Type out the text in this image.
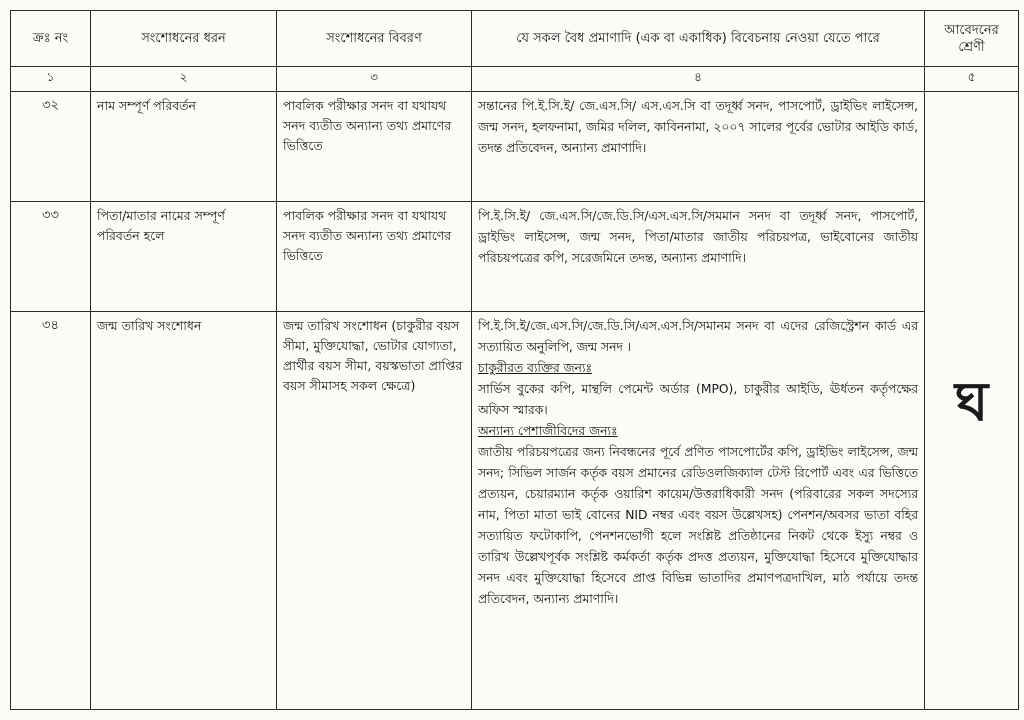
ক্রঃ নং	সংশোধনের ধরন	সংশোধনের বিবরণ	যে সকল বৈধ প্রমাণাদি (এক বা একাধিক) বিবেচনায় নেওয়া যেতে পারে	আবেদনের শ্রেণী
১	২	৩	৪	৫
৩২	নাম সম্পূর্ণ পরিবর্তন	পাবলিক পরীক্ষার সনদ বা যথাযথ সনদ ব্যতীত অন্যান্য তথ্য প্রমাণের ভিত্তিতে	সন্তানের পি.ই.সি.ই/ জে.এস.সি/ এস.এস.সি বা তদূর্ধ্ব সনদ, পাসপোর্ট, ড্রাইভিং লাইসেন্স, জন্ম সনদ, হলফনামা, জমির দলিল, কাবিননামা, ২০০৭ সালের পূর্বের ভোটার আইডি কার্ড, তদন্ত প্রতিবেদন, অন্যান্য প্রমাণাদি।	ঘ
৩৩	পিতা/মাতার নামের সম্পূর্ণ পরিবর্তন হলে	পাবলিক পরীক্ষার সনদ বা যথাযথ সনদ ব্যতীত অন্যান্য তথ্য প্রমাণের ভিত্তিতে	পি.ই.সি.ই/ জে.এস.সি/জে.ডি.সি/এস.এস.সি/সমমান সনদ বা তদূর্ধ্ব সনদ, পাসপোর্ট, ড্রাইভিং লাইসেন্স, জন্ম সনদ, পিতা/মাতার জাতীয় পরিচয়পত্র, ভাইবোনের জাতীয় পরিচয়পত্রের কপি, সরেজমিনে তদন্ত, অন্যান্য প্রমাণাদি।	
৩৪	জন্ম তারিখ সংশোধন	জন্ম তারিখ সংশোধন (চাকুরীর বয়স সীমা, মুক্তিযোদ্ধা, ভোটার যোগ্যতা, প্রার্থীর বয়স সীমা, বয়স্কভাতা প্রাপ্তির বয়স সীমাসহ সকল ক্ষেত্রে)	পি.ই.সি.ই/জে.এস.সি/জে.ডি.সি/এস.এস.সি/সমানম সনদ বা এদের রেজিস্ট্রেশন কার্ড এর সত্যায়িত অনুলিপি, জন্ম সনদ ।

চাকুরীরত ব্যক্তির জন্যঃ

সার্ভিস বুকের কপি, মান্থলি পেমেন্ট অর্ডার (MPO), চাকুরীর আইডি, ঊর্ধতন কর্তৃপক্ষের অফিস স্মারক।

অন্যান্য পেশাজীবিদের জন্যঃ

জাতীয় পরিচয়পত্রের জন্য নিবন্ধনের পূর্বে প্রণিত পাসপোর্টের কপি, ড্রাইভিং লাইসেন্স, জন্ম সনদ; সিভিল সার্জন কর্তৃক বয়স প্রমানের রেডিওলজিক্যাল টেস্ট রিপোর্ট এবং এর ভিত্তিতে প্রত্যয়ন, চেয়ারম্যান কর্তৃক ওয়ারিশ কায়েম/উত্তরাধিকারী সনদ (পরিবারের সকল সদস্যের নাম, পিতা মাতা ভাই বোনের NID নম্বর এবং বয়স উল্লেখসহ) পেনশন/অবসর ভাতা বহির সত্যায়িত ফটোকাপি, পেনশনভোগী হলে সংশ্লিষ্ট প্রতিষ্ঠানের নিকট থেকে ইস্যু নম্বর ও তারিখ উল্লেখপূর্বক সংশ্লিষ্ট কর্মকর্তা কর্তৃক প্রদত্ত প্রত্যয়ন, মুক্তিযোদ্ধা হিসেবে মুক্তিযোদ্ধার সনদ এবং মুক্তিযোদ্ধা হিসেবে প্রাপ্ত বিভিন্ন ভাতাদির প্রমাণপত্রদাখিল, মাঠ পর্যায়ে তদন্ত প্রতিবেদন, অন্যান্য প্রমাণাদি।	
